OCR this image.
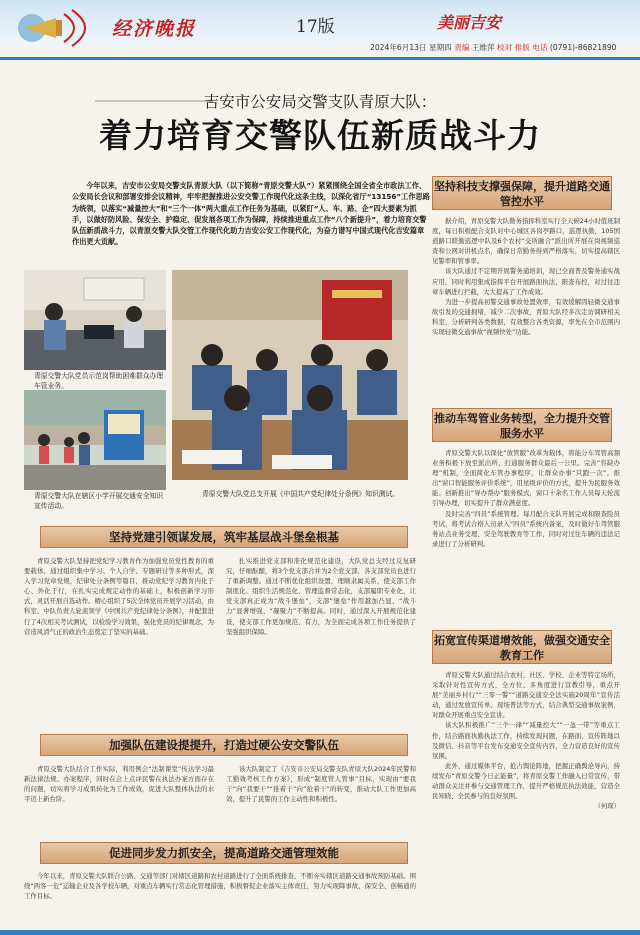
经济晚报	17版	美丽吉安
2024年6月13日 星期四 责编 王维萍 校对 排版 电话 (0791)-86821890
吉安市公安局交警支队青原大队：
着力培育交警队伍新质战斗力
今年以来，吉安市公安局交警支队青原大队（以下简称“青原交警大队”）紧紧围绕全国全省全市政法工作、公安局长会议和部署安排会议精神，牢牢把握推进公安交警工作现代化这条主线，以深化省厅“13156”工作思路为统领，以落实“减量控大”和“三个一体”两大重点工作任务为基础，以紧盯“人、车、路、企”四大要素为抓手，以做好防风险、保安全、护稳定、促发展各项工作为保障，持续推进重点工作“八个新提升”，着力培育交警队伍新质战斗力，以青原交警大队交管工作现代化助力吉安公安工作现代化，为奋力谱写中国式现代化吉安篇章作出更大贡献。
青原交警大队党员示范岗帮助困难群众办理车管业务。
青原交警大队党总支开展《中国共产党纪律处分条例》知识测试。
青原交警大队在辖区小学开展交通安全知识宣传活动。
坚持党建引领谋发展，筑牢基层战斗堡垒根基

青原交警大队坚持把党纪学习教育作为加强党员党性教育的重要载体，通过组织集中学习、个人自学、专题研讨等多种形式，深入学习党章党规，纪律处分条例等篇目，推动党纪学习教育内化于心、外化于行，在扎实完成规定动作的基础上，积极创新学习形式，灵活开展自选动作。精心组织了5次全体党员开展学习活动，由科室、中队负责人轮流领学《中国共产党纪律处分条例》，并配套进行了4次相关考试测试，以检验学习效果，强化党员的纪律观念，为营造风清气正的政治生态奠定了坚实的基础。

扎实推进党支部和准化规范化建设，大队党总支经过反复研究，仔细酝酿，将3个党支部合并为2个党支部，各支部党员也进行了重新调整。通过不断优化组织设置，理顺隶属关系，使支部工作制度化、组织生活规范化、管理监督常态化，支部履职专业化，让党支部真正成为“战斗堡垒”，支部“堡垒”作用越加凸显、“战斗力”显著增强、“凝聚力”不断提高。同时，通过深入开展规范化建设，使支部工作更加规范、有力，为全面完成各项工作任务提供了坚强组织保障。

加强队伍建设提提升，打造过硬公安交警队伍

青原交警大队结合工作实际，利用例会“法制课堂”传达学习最新法律法规、办案程序，同时在会上点评民警在执法办案方面存在的问题，切实将学习成果转化为工作成效，促进大队整体执法的水平迈上新台阶。

该大队制定了《吉安市公安局交警支队青原大队2024年民警和工勤效考核工作方案》，形成“制度管人管事”目标，实现由“要我干”向“我要干”“推着干”向“抢着干”的转变，推动大队工作更加高效，提升了民警的工作主动性和积极性。

促进同步发力抓安全，提高道路交通管理效能

今年以来，青原交警大队联合公路、交通等部门对辖区道路和农村道路进行了全面系统排查，不断夯实辖区道路交通事故预防基础。围绕“两客一危”运输企业及各学校车辆，对重点车辆实行常态化管理措施，积极督促企业落实主体责任，努力实现降事故、保安全、创畅通的工作目标。

坚持科技支撑强保障，提升道路交通管控水平

据介绍，青原交警大队勤务指挥科室实行全天候24小时值班制度，每日积极配合支队对中心城区各岗亭路口，巡逻执勤，105国道路口联勤巡逻中队及6个农村“交所融合”派出所开展在岗视频巡查和公网对讲机点名，确保日常勤务得到严格落实，切实提高辖区见警率和管事率。

该大队通过不定期开展警务通培训，现已全面普及警务通实战应用，同时利用集成指挥平台开展路面执法，限查布控，对过往违章车辆进行拦截，大大提高了工作成效。

为进一步提高初警交通事故处置效率，有效缓解因轻微交通事故引发的交通拥堵，减少二次事故，青原大队经多次走访调研相关科室，分析研判各类数据，有效整合各类资源，率先在全市范围内实现轻微交通事故“视频快处”功能。

推动车驾管业务转型，全力提升交管服务水平

青原交警大队以深化“放管服”改革为载体，将能分车驾管高频业务积极下放至派出所，打通服务群众最后一公里。完善“容缺办理”机制，全面简化车管办事程序，让群众办事“只跑一次”。推出“窗口智能服务评价系统”，用星级评价的方式，提升为民服务效能。创新推出“导办帮办”服务模式，窗口十余名工作人员每天轮流引导办理，切实提升了群众满意度。

及时完善“四员”系统管理。每月配合支队开展完成和限查险员考试，将考试合格人员录入“四员”系统内备案，及时做好车驾管服务站点业务受理、安全驾驶教育等工作，同时对过往车辆的违法记录进行了分析研判。

拓宽宣传渠道增效能，做强交通安全教育工作

青原交警大队通过结合农村、社区、学校、企业等特定场所，采取针对性宣传方式，全方位、多角度进行宣教引导，重点开展“美丽乡村行”“三零一警”“道路交通安全法实施20周年”宣传活动，通过发放宣传单、现场普法等方式，结合典型交通事故案例，对群众开展重点安全宣讲。

该大队积极推广“三个一律”“减量控大”“一盔一带”等重点工作，结合路面执勤执法工作，持续发现问题，在路面、宣传阵地以及微信、抖音等平台发布交通安全宣传内容，全力营造良好的宣传氛围。

此外，通过媒体平台，抢占舆论阵地，把握正确舆论导向，持续发布“青原交警今日正能量”，将青原交警工作融入日常宣传，带动群众关注并参与交通管理工作，提升严格规范执法效能，营造全民知晓、全民参与的良好氛围。

（何琛）
